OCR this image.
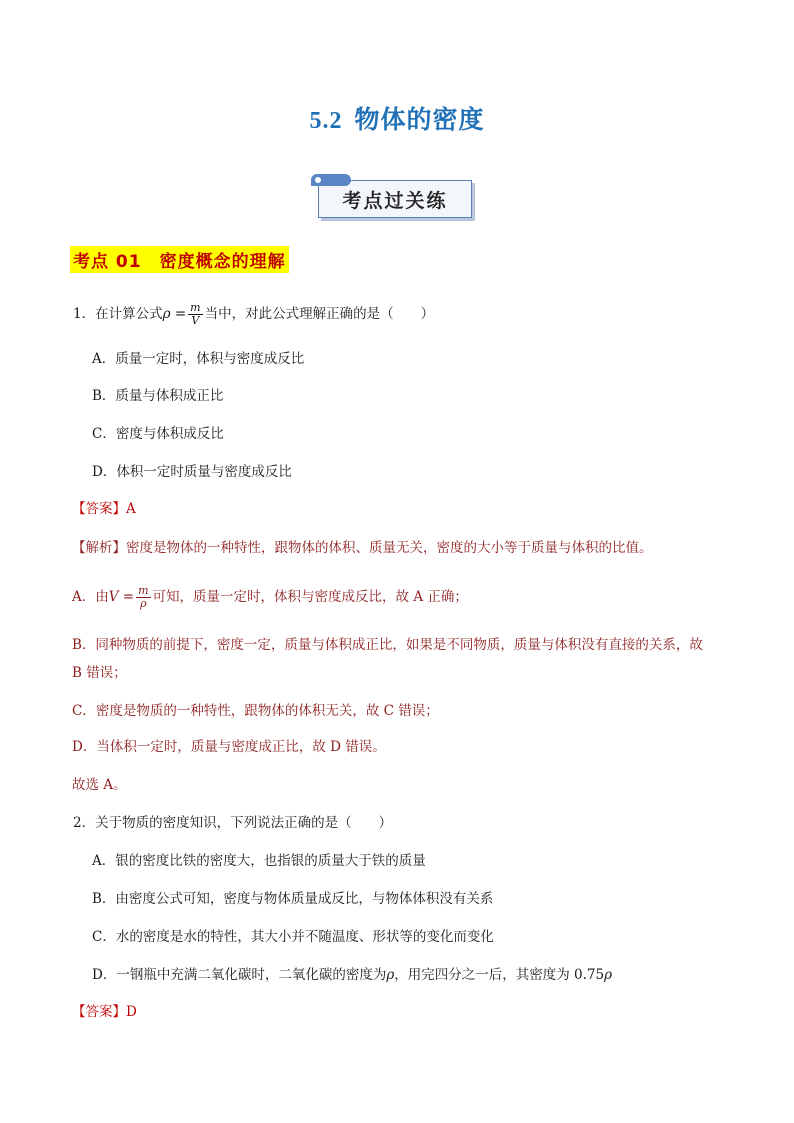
5.2 物体的密度
考点过关练
考点 01 密度概念的理解
1．在计算公式$\rho = \frac{m}{V}$ 当中，对此公式理解正确的是（　　）
A．质量一定时，体积与密度成反比
B．质量与体积成正比
C．密度与体积成反比
D．体积一定时质量与密度成反比
【答案】A
【解析】密度是物体的一种特性，跟物体的体积、质量无关，密度的大小等于质量与体积的比值。
A．由$V = \frac{m}{\rho}$ 可知，质量一定时，体积与密度成反比，故 A 正确；
B．同种物质的前提下，密度一定，质量与体积成正比，如果是不同物质，质量与体积没有直接的关系，故
B 错误；
C．密度是物质的一种特性，跟物体的体积无关，故 C 错误；
D．当体积一定时，质量与密度成正比，故 D 错误。
故选 A。
2．关于物质的密度知识，下列说法正确的是（　　）
A．银的密度比铁的密度大，也指银的质量大于铁的质量
B．由密度公式可知，密度与物体质量成反比，与物体体积没有关系
C．水的密度是水的特性，其大小并不随温度、形状等的变化而变化
D．一钢瓶中充满二氧化碳时，二氧化碳的密度为ρ，用完四分之一后，其密度为 0.75ρ
【答案】D
